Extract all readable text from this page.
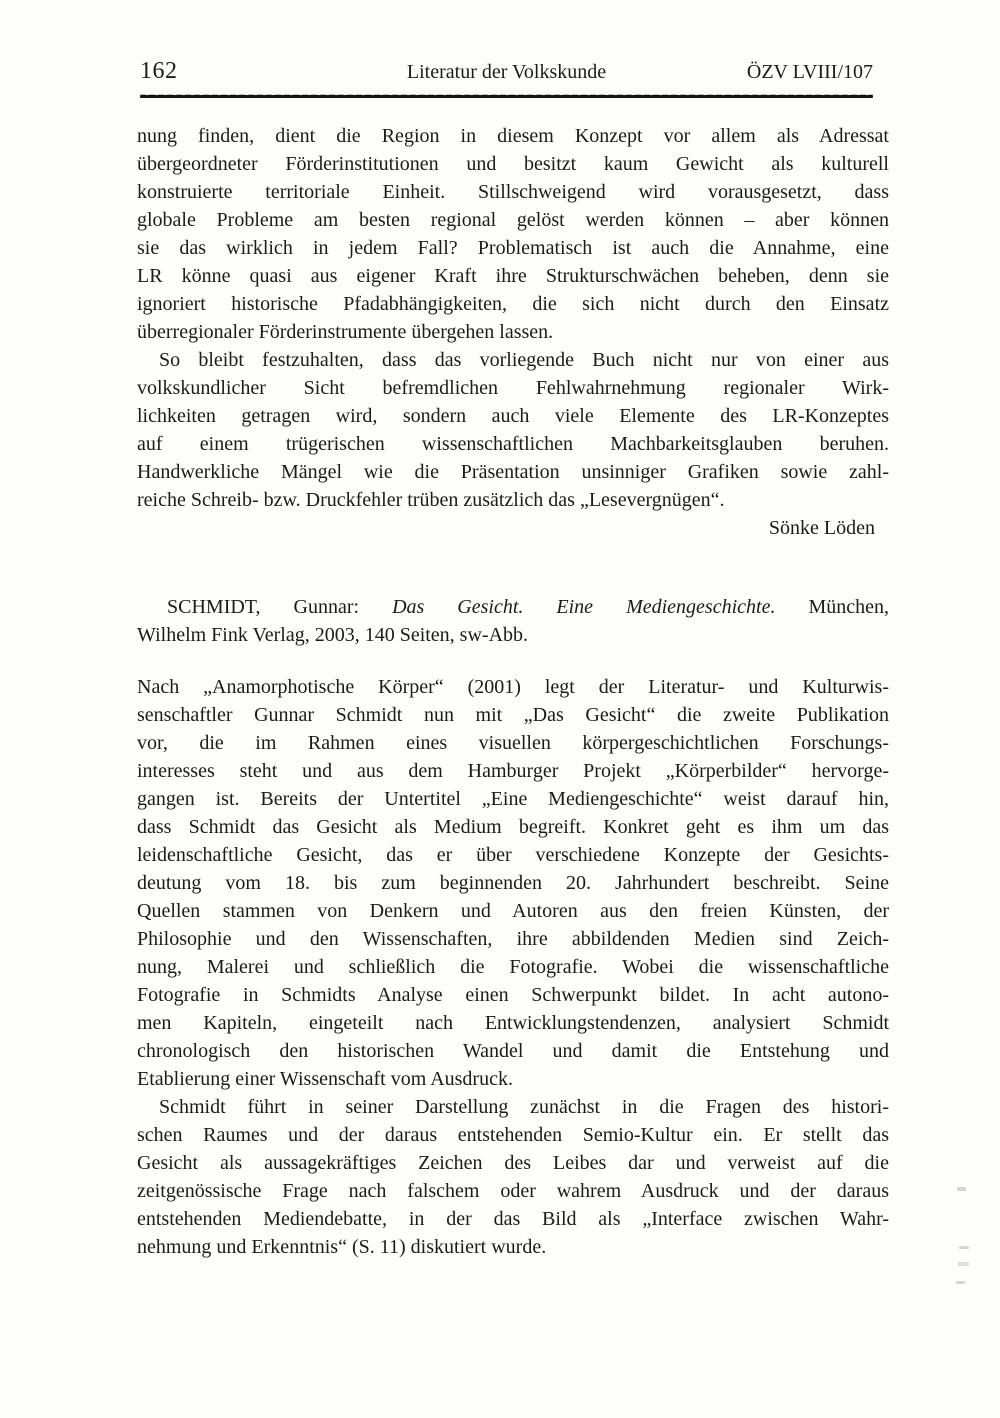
162	Literatur der Volkskunde	ÖZV LVIII/107
nung finden, dient die Region in diesem Konzept vor allem als Adressat
übergeordneter Förderinstitutionen und besitzt kaum Gewicht als kulturell
konstruierte territoriale Einheit. Stillschweigend wird vorausgesetzt, dass
globale Probleme am besten regional gelöst werden können – aber können
sie das wirklich in jedem Fall? Problematisch ist auch die Annahme, eine
LR könne quasi aus eigener Kraft ihre Strukturschwächen beheben, denn sie
ignoriert historische Pfadabhängigkeiten, die sich nicht durch den Einsatz
überregionaler Förderinstrumente übergehen lassen.
So bleibt festzuhalten, dass das vorliegende Buch nicht nur von einer aus
volkskundlicher Sicht befremdlichen Fehlwahrnehmung regionaler Wirk-
lichkeiten getragen wird, sondern auch viele Elemente des LR-Konzeptes
auf einem trügerischen wissenschaftlichen Machbarkeitsglauben beruhen.
Handwerkliche Mängel wie die Präsentation unsinniger Grafiken sowie zahl-
reiche Schreib- bzw. Druckfehler trüben zusätzlich das „Lesevergnügen“.
Sönke Löden
SCHMIDT, Gunnar: Das Gesicht. Eine Mediengeschichte. München,
Wilhelm Fink Verlag, 2003, 140 Seiten, sw-Abb.
Nach „Anamorphotische Körper“ (2001) legt der Literatur- und Kulturwis-
senschaftler Gunnar Schmidt nun mit „Das Gesicht“ die zweite Publikation
vor, die im Rahmen eines visuellen körpergeschichtlichen Forschungs-
interesses steht und aus dem Hamburger Projekt „Körperbilder“ hervorge-
gangen ist. Bereits der Untertitel „Eine Mediengeschichte“ weist darauf hin,
dass Schmidt das Gesicht als Medium begreift. Konkret geht es ihm um das
leidenschaftliche Gesicht, das er über verschiedene Konzepte der Gesichts-
deutung vom 18. bis zum beginnenden 20. Jahrhundert beschreibt. Seine
Quellen stammen von Denkern und Autoren aus den freien Künsten, der
Philosophie und den Wissenschaften, ihre abbildenden Medien sind Zeich-
nung, Malerei und schließlich die Fotografie. Wobei die wissenschaftliche
Fotografie in Schmidts Analyse einen Schwerpunkt bildet. In acht autono-
men Kapiteln, eingeteilt nach Entwicklungstendenzen, analysiert Schmidt
chronologisch den historischen Wandel und damit die Entstehung und
Etablierung einer Wissenschaft vom Ausdruck.
Schmidt führt in seiner Darstellung zunächst in die Fragen des histori-
schen Raumes und der daraus entstehenden Semio-Kultur ein. Er stellt das
Gesicht als aussagekräftiges Zeichen des Leibes dar und verweist auf die
zeitgenössische Frage nach falschem oder wahrem Ausdruck und der daraus
entstehenden Mediendebatte, in der das Bild als „Interface zwischen Wahr-
nehmung und Erkenntnis“ (S. 11) diskutiert wurde.
